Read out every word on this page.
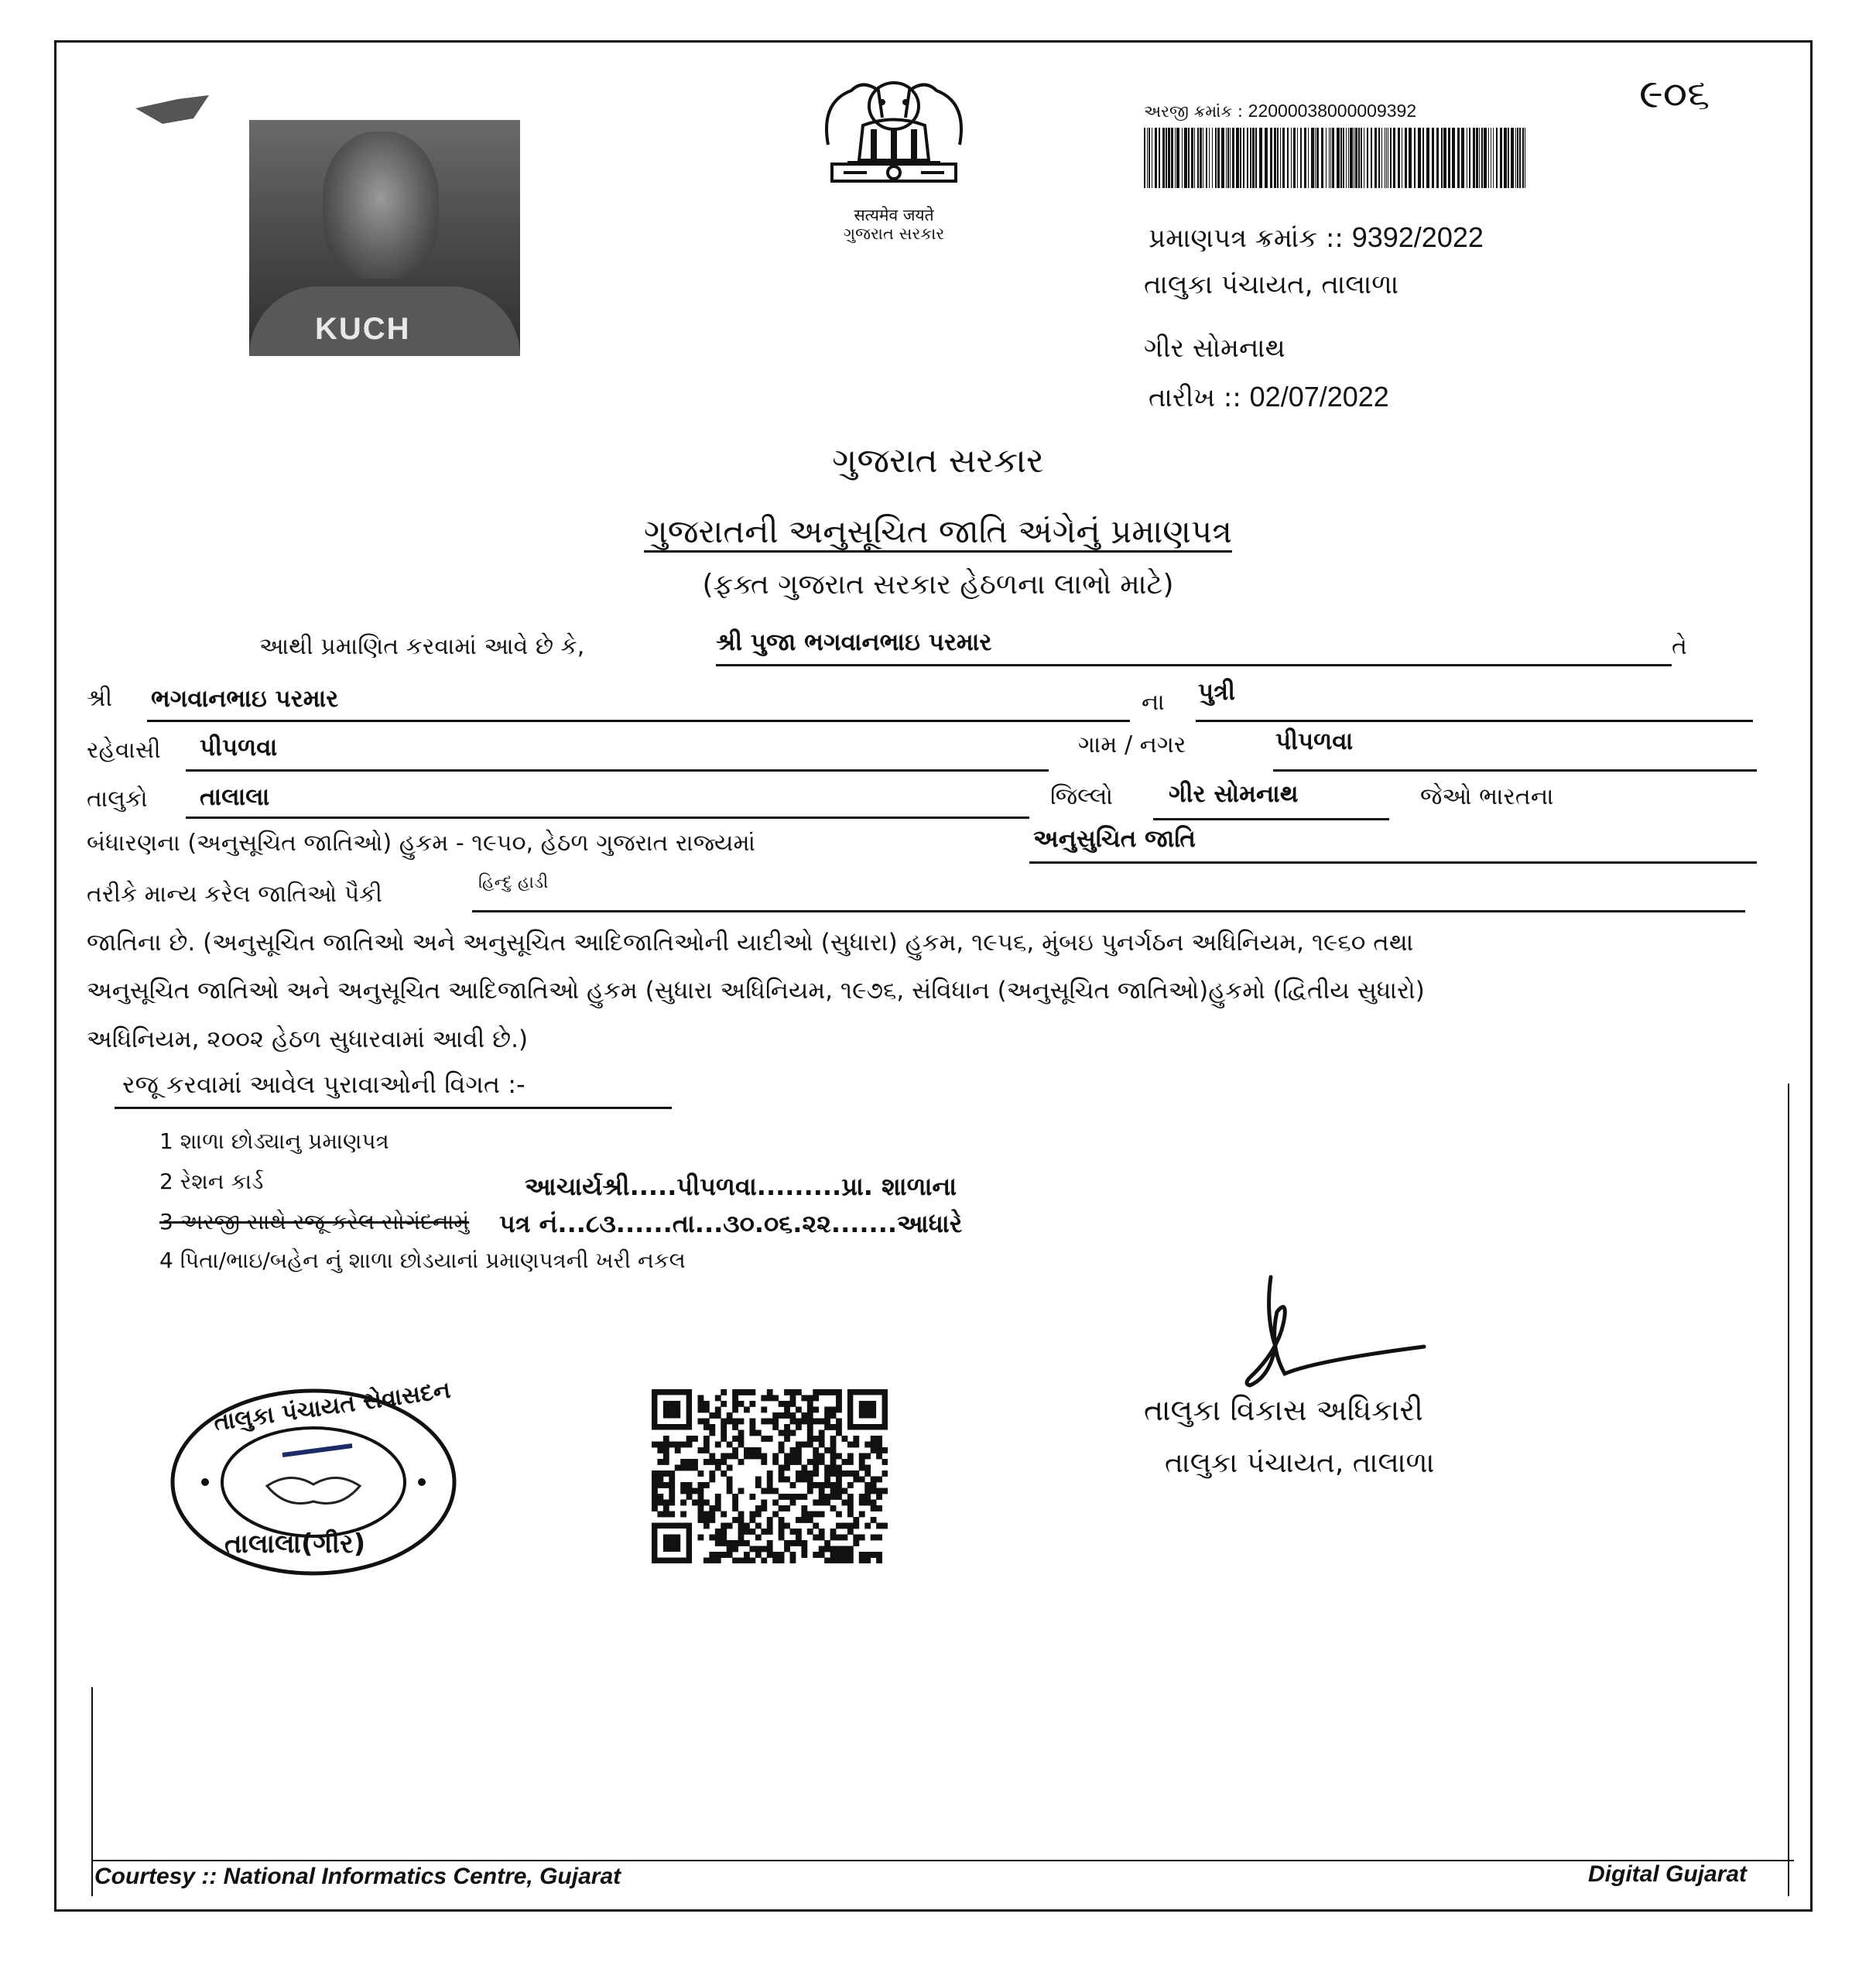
KUCH
सत्यमेव जयते
ગુજરાત સરકાર
અરજી ક્રમાંક : 22000038000009392	૯૦૬
પ્રમાણપત્ર ક્રમાંક :: 9392/2022
તાલુકા પંચાયત, તાલાળા
ગીર સોમનાથ
તારીખ :: 02/07/2022
ગુજરાત સરકાર
ગુજરાતની અનુસૂચિત જાતિ અંગેનું પ્રમાણપત્ર
(ફક્ત ગુજરાત સરકાર હેઠળના લાભો માટે)
આથી પ્રમાણિત કરવામાં આવે છે કે,	શ્રી પુજા ભગવાનભાઇ પરમાર	તે
શ્રી ભગવાનભાઇ પરમાર	ના પુત્રી
રહેવાસી પીપળવા	ગામ / નગર	પીપળવા
તાલુકો તાલાલા	જિલ્લો ગીર સોમનાથ	જેઓ ભારતના
બંધારણના (અનુસૂચિત જાતિઓ) હુકમ - ૧૯૫૦, હેઠળ ગુજરાત રાજ્યમાં	અનુસુચિત જાતિ
તરીકે માન્ય કરેલ જાતિઓ પૈકી	હિન્દુ હાડી
જાતિના છે. (અનુસૂચિત જાતિઓ અને અનુસૂચિત આદિજાતિઓની યાદીઓ (સુધારા) હુકમ, ૧૯૫૬, મુંબઇ પુનર્ગઠન અધિનિયમ, ૧૯૬૦ તથા
અનુસૂચિત જાતિઓ અને અનુસૂચિત આદિજાતિઓ હુકમ (સુધારા અધિનિયમ, ૧૯૭૬, સંવિધાન (અનુસૂચિત જાતિઓ)હુકમો (દ્વિતીય સુધારો)
અધિનિયમ, ૨૦૦૨ હેઠળ સુધારવામાં આવી છે.)
રજૂ કરવામાં આવેલ પુરાવાઓની વિગત :-
1 શાળા છોડ્યાનુ પ્રમાણપત્ર
2 રેશન કાર્ડ
3 અરજી સાથે રજૂ કરેલ સોગંદનામું
4 પિતા/ભાઇ/બહેન નું શાળા છોડયાનાં પ્રમાણપત્રની ખરી નકલ
આચાર્યશ્રી.....પીપળવા.........પ્રા. શાળાના
પત્ર નં...૮૩......તા...૩૦.૦૬.૨૨.......આધારે
તાલુકા પંચાયત સેવાસદન
તાલાલા(ગીર)
તાલુકા વિકાસ અધિકારી
તાલુકા પંચાયત, તાલાળા
Courtesy :: National Informatics Centre, Gujarat	Digital Gujarat
